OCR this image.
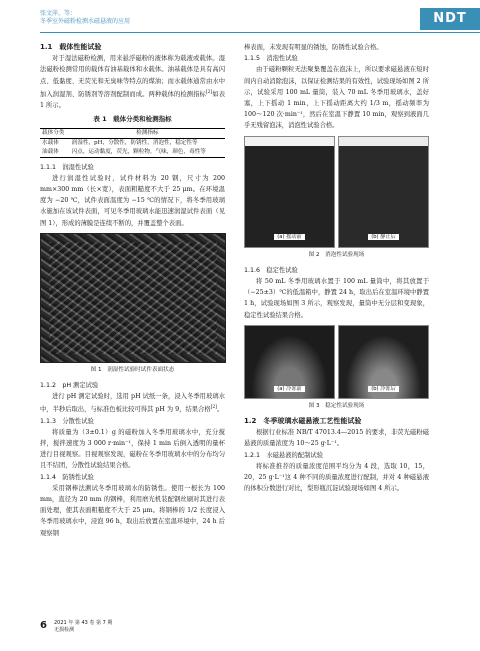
张文萍，等：
冬季室外磁粉检测水磁悬液的应用	NDT

1.1　载体性能试验

对于湿法磁粉检测，用来悬浮磁粉的液体称为载液或载体。湿法磁粉检测常用的载体有油基载体和水载体。油基载体是具有高闪点、低黏度、无荧光和无臭味等特点的煤油；而水载体通常由水中加入润湿剂、防锈剂等溶剂配制而成。两种载体的检测指标[2]如表 1 所示。

表 1　载体分类和检测指标

载体分类	检测指标
水载体	润湿性，pH，分散性，防锈性，消泡性，稳定性等
油载体	闪点，运动黏度，荧光，颗粒物，气味，颜色，毒性等

1.1.1　润湿性试验

进行润湿性试验时，试件材料为 20 钢，尺寸为 200 mm×300 mm（长×宽），表面粗糙度不大于 25 μm。在环境温度为 −20 ℃，试件表面温度为 −15 ℃的情况下，将冬季用玻璃水施加在该试件表面，可见冬季用玻璃水能迅速润湿试件表面（见图 1），形成的薄膜是连续不断的，并覆盖整个表面。

图 1　润湿性试验时试件表面状态

1.1.2　pH 测定试验

进行 pH 测定试验时，选用 pH 试纸一条，浸入冬季用玻璃水中，半秒后取出，与标准色板比较可得其 pH 为 9，结果合格[2]。

1.1.3　分散性试验

将质量为（3±0.1）g 的磁粉加入冬季用玻璃水中，充分搅拌，搅拌速度为 3 000 r·min⁻¹，保持 1 min 后倒入透明的量杯进行目视观察。目视观察发现，磁粉在冬季用玻璃水中的分布均匀且不结团，分散性试验结果合格。

1.1.4　防锈性试验

采用钢棒法测试冬季用玻璃水的防锈性。使用一根长为 100 mm，直径为 20 mm 的钢棒，利用磨光机装配钢丝刷对其进行表面处理，使其表面粗糙度不大于 25 μm。将钢棒的 1/2 长度浸入冬季用玻璃水中，浸泡 96 h，取出后放置在室温环境中，24 h 后观察钢

棒表面，未发现有明显的锈蚀，防锈性试验合格。

1.1.5　消泡性试验

由于磁粉颗粒无法聚集覆盖在泡沫上，所以要求磁悬液在短时间内自动消除泡沫，以保证检测结果的有效性，试验现场如图 2 所示，试验采用 100 mL 量筒，装入 70 mL 冬季用玻璃水，盖好塞，上下摇动 1 min，上下摇动距离大约 1/3 m，摇动频率为 100～120 次·min⁻¹，然后在室温下静置 10 min，观察到液面几乎无残留泡沫，消泡性试验合格。

(a) 摇动前	(b) 静止后

图 2　消泡性试验现场

1.1.6　稳定性试验

将 50 mL 冬季用玻璃水置于 100 mL 量筒中，将其放置于（−25±3）℃的低温箱中，静置 24 h，取出后在室温环境中静置 1 h，试验现场如图 3 所示，观察发现，量筒中无分层和变现象，稳定性试验结果合格。

(a) 冷冻前	(b) 冷冻后

图 3　稳定性试验现场

1.2　冬季玻璃水磁悬液工艺性能试验

根据行业标准 NB/T 47013.4—2015 的要求，非荧光磁粉磁悬液的质量浓度为 10～25 g·L⁻¹。

1.2.1　水磁悬液的配制试验

将标准推荐的质量浓度范围平均分为 4 段，选取 10，15，20，25 g·L⁻¹这 4 种不同的质量浓度进行配制，并对 4 种磁悬液的体积分数进行对比，梨形瓶沉淀试验现场如图 4 所示。

6 2021 年 第 43 卷 第 7 期
无损检测
